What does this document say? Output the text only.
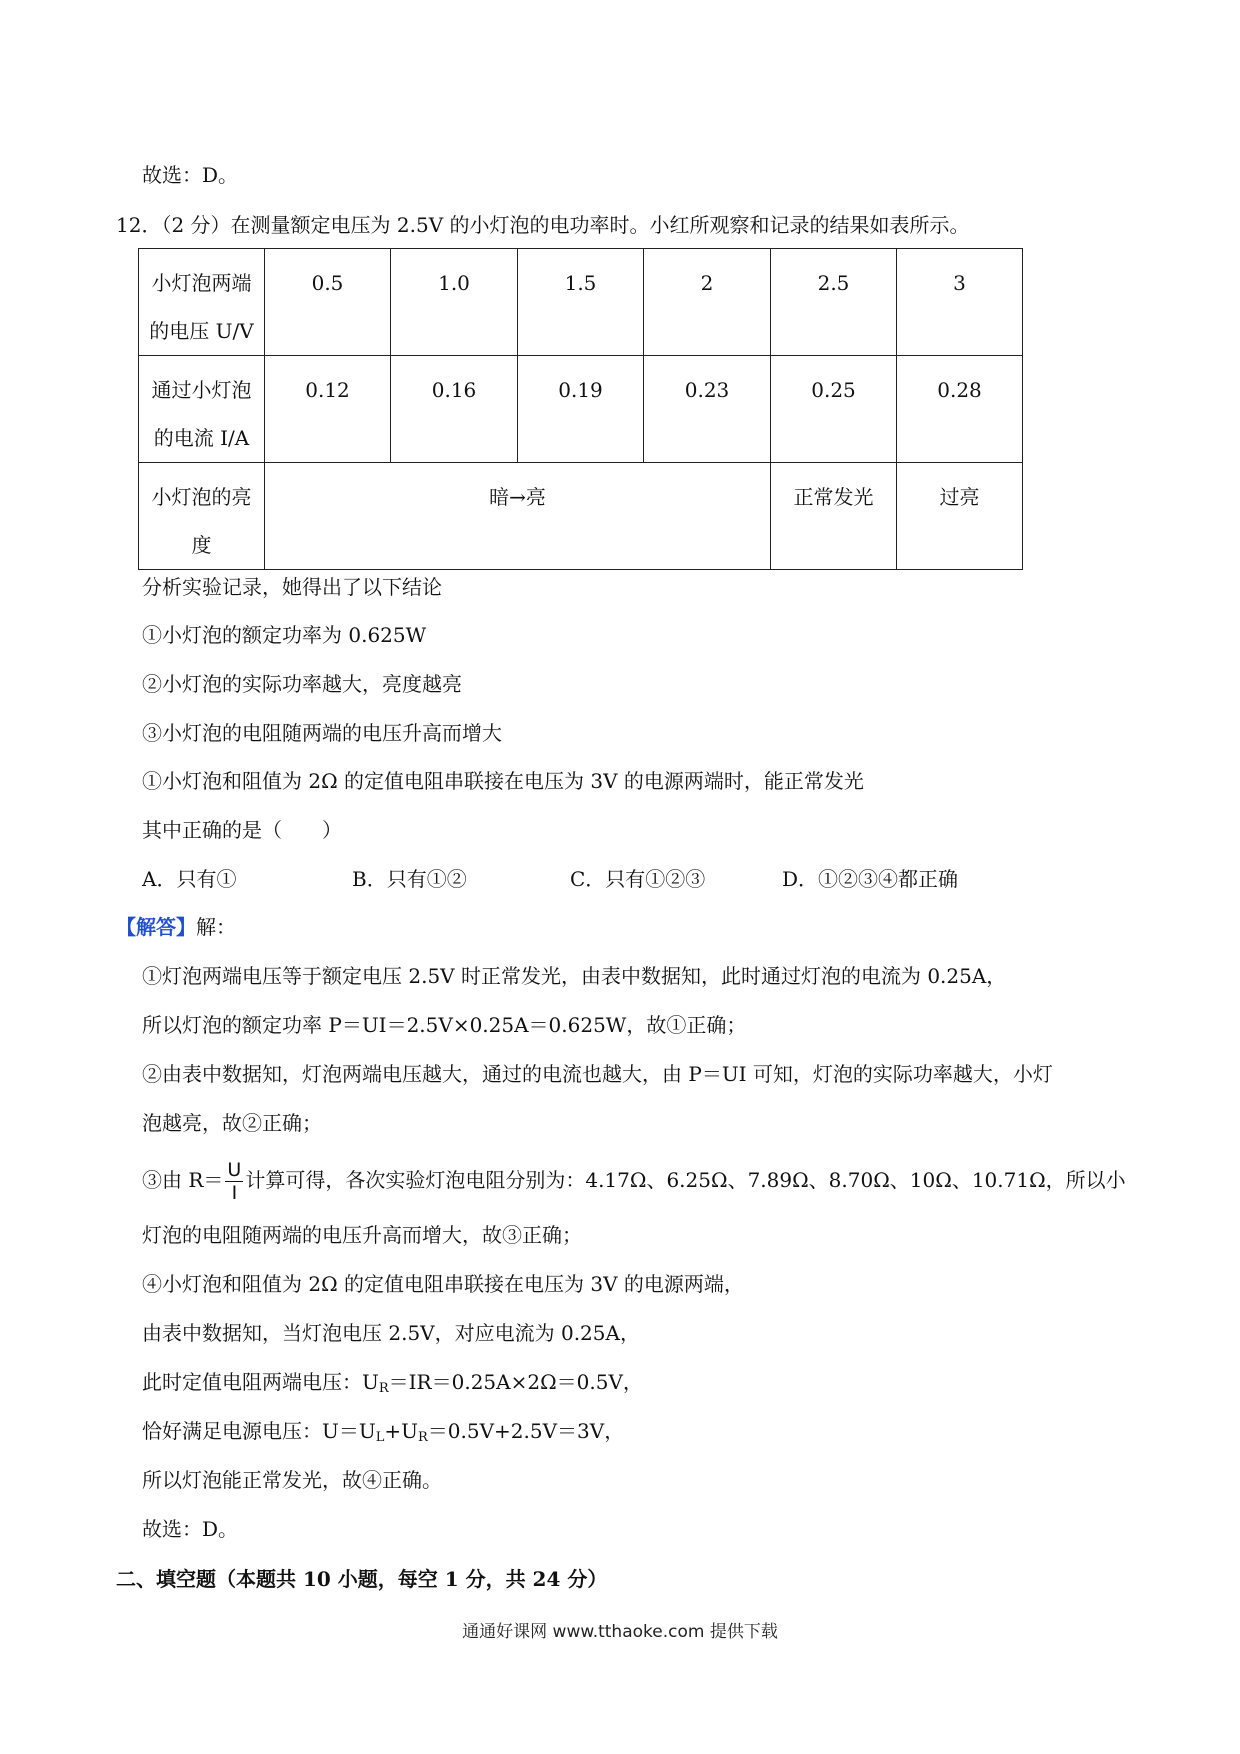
故选：D。
12．（2 分）在测量额定电压为 2.5V 的小灯泡的电功率时。小红所观察和记录的结果如表所示。
小灯泡两端
的电压 U/V	0.5	1.0	1.5	2	2.5	3
通过小灯泡
的电流 I/A	0.12	0.16	0.19	0.23	0.25	0.28
小灯泡的亮
度	暗→亮				正常发光	过亮
分析实验记录，她得出了以下结论
①小灯泡的额定功率为 0.625W
②小灯泡的实际功率越大，亮度越亮
③小灯泡的电阻随两端的电压升高而增大
①小灯泡和阻值为 2Ω 的定值电阻串联接在电压为 3V 的电源两端时，能正常发光
其中正确的是（　　）
A．只有①	B．只有①②	C．只有①②③	D．①②③④都正确
【解答】解：
①灯泡两端电压等于额定电压 2.5V 时正常发光，由表中数据知，此时通过灯泡的电流为 0.25A，
所以灯泡的额定功率 P＝UI＝2.5V×0.25A＝0.625W，故①正确；
②由表中数据知，灯泡两端电压越大，通过的电流也越大，由 P＝UI 可知，灯泡的实际功率越大，小灯
泡越亮，故②正确；
③由 $R= \frac{U}{I}$ 计算可得，各次实验灯泡电阻分别为：4.17Ω、6.25Ω、7.89Ω、8.70Ω、10Ω、10.71Ω，所以小
灯泡的电阻随两端的电压升高而增大，故③正确；
④小灯泡和阻值为 2Ω 的定值电阻串联接在电压为 3V 的电源两端，
由表中数据知，当灯泡电压 2.5V，对应电流为 0.25A，
此时定值电阻两端电压：$U_R=IR=0.25A\times 2\Omega=0.5V$，
恰好满足电源电压：$U=U_L+U_R=0.5V+2.5V=3V$，
所以灯泡能正常发光，故④正确。
故选：D。
二、填空题（本题共 10 小题，每空 1 分，共 24 分）
通通好课网 www.tthaoke.com 提供下载
